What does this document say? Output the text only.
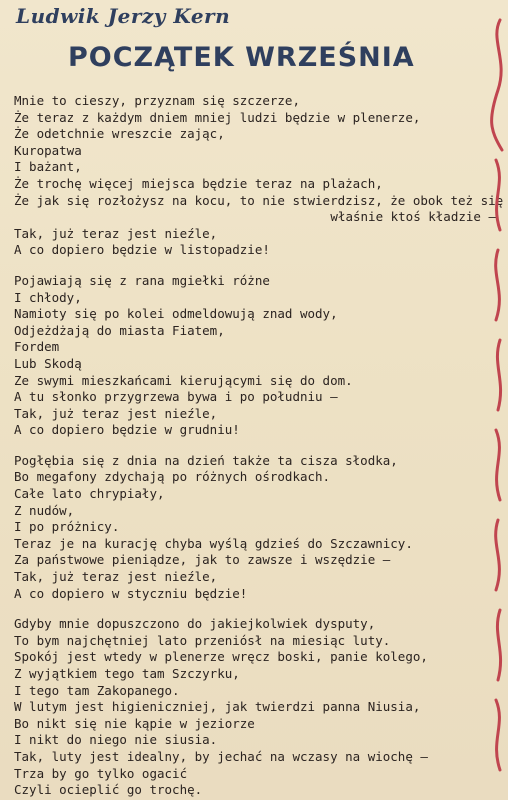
Ludwik Jerzy Kern
POCZĄTEK WRZEŚNIA
Mnie to cieszy, przyznam się szczerze,
Że teraz z każdym dniem mniej ludzi będzie w plenerze,
Że odetchnie wreszcie zając,
Kuropatwa
I bażant,
Że trochę więcej miejsca będzie teraz na plażach,
Że jak się rozłożysz na kocu, to nie stwierdzisz, że obok też się
właśnie ktoś kładzie —
Tak, już teraz jest nieźle,
A co dopiero będzie w listopadzie!
Pojawiają się z rana mgiełki różne
I chłody,
Namioty się po kolei odmeldowują znad wody,
Odjeżdżają do miasta Fiatem,
Fordem
Lub Skodą
Ze swymi mieszkańcami kierującymi się do dom.
A tu słonko przygrzewa bywa i po południu —
Tak, już teraz jest nieźle,
A co dopiero będzie w grudniu!
Pogłębia się z dnia na dzień także ta cisza słodka,
Bo megafony zdychają po różnych ośrodkach.
Całe lato chrypiały,
Z nudów,
I po próżnicy.
Teraz je na kurację chyba wyślą gdzieś do Szczawnicy.
Za państwowe pieniądze, jak to zawsze i wszędzie —
Tak, już teraz jest nieźle,
A co dopiero w styczniu będzie!
Gdyby mnie dopuszczono do jakiejkolwiek dysputy,
To bym najchętniej lato przeniósł na miesiąc luty.
Spokój jest wtedy w plenerze wręcz boski, panie kolego,
Z wyjątkiem tego tam Szczyrku,
I tego tam Zakopanego.
W lutym jest higieniczniej, jak twierdzi panna Niusia,
Bo nikt się nie kąpie w jeziorze
I nikt do niego nie siusia.
Tak, luty jest idealny, by jechać na wczasy na wiochę —
Trza by go tylko ogacić
Czyli ocieplić go trochę.
